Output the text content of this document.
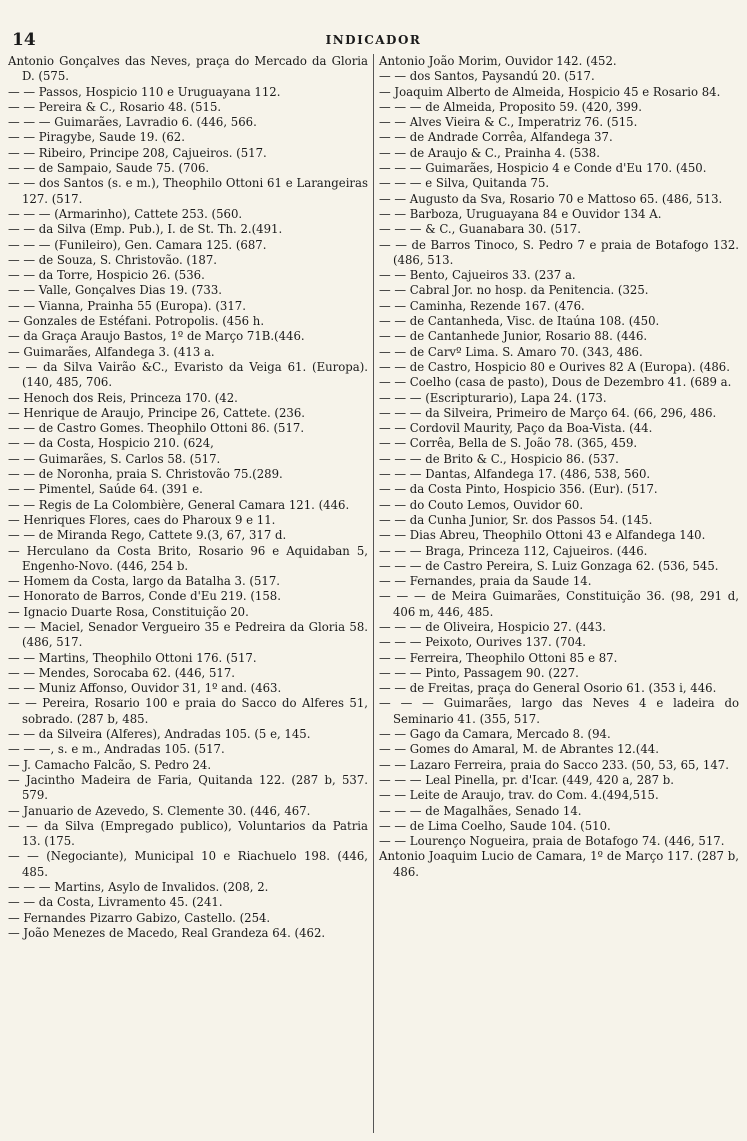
14	INDICADOR

Antonio Gonçalves das Neves, praça do Mercado da Gloria D. (575.

— — Passos, Hospicio 110 e Uruguayana 112.

— — Pereira & C., Rosario 48. (515.

— — — Guimarães, Lavradio 6. (446, 566.

— — Piragybe, Saude 19. (62.

— — Ribeiro, Principe 208, Cajueiros. (517.

— — de Sampaio, Saude 75. (706.

— — dos Santos (s. e m.), Theophilo Ottoni 61 e Larangeiras 127. (517.

— — — (Armarinho), Cattete 253. (560.

— — da Silva (Emp. Pub.), I. de St. Th. 2.(491.

— — — (Funileiro), Gen. Camara 125. (687.

— — de Souza, S. Christovão. (187.

— — da Torre, Hospicio 26. (536.

— — Valle, Gonçalves Dias 19. (733.

— — Vianna, Prainha 55 (Europa). (317.

— Gonzales de Estéfani. Potropolis. (456 h.

— da Graça Araujo Bastos, 1º de Março 71B.(446.

— Guimarães, Alfandega 3. (413 a.

— — da Silva Vairão &C., Evaristo da Veiga 61. (Europa). (140, 485, 706.

— Henoch dos Reis, Princeza 170. (42.

— Henrique de Araujo, Principe 26, Cattete. (236.

— — de Castro Gomes. Theophilo Ottoni 86. (517.

— — da Costa, Hospicio 210. (624,

— — Guimarães, S. Carlos 58. (517.

— — de Noronha, praia S. Christovão 75.(289.

— — Pimentel, Saúde 64. (391 e.

— — Regis de La Colombière, General Camara 121. (446.

— Henriques Flores, caes do Pharoux 9 e 11.

— — de Miranda Rego, Cattete 9.(3, 67, 317 d.

— Herculano da Costa Brito, Rosario 96 e Aquidaban 5, Engenho-Novo. (446, 254 b.

— Homem da Costa, largo da Batalha 3. (517.

— Honorato de Barros, Conde d'Eu 219. (158.

— Ignacio Duarte Rosa, Constituição 20.

— — Maciel, Senador Vergueiro 35 e Pedreira da Gloria 58. (486, 517.

— — Martins, Theophilo Ottoni 176. (517.

— — Mendes, Sorocaba 62. (446, 517.

— — Muniz Affonso, Ouvidor 31, 1º and. (463.

— — Pereira, Rosario 100 e praia do Sacco do Alferes 51, sobrado. (287 b, 485.

— — da Silveira (Alferes), Andradas 105. (5 e, 145.

— — —, s. e m., Andradas 105. (517.

— J. Camacho Falcão, S. Pedro 24.

— Jacintho Madeira de Faria, Quitanda 122. (287 b, 537. 579.

— Januario de Azevedo, S. Clemente 30. (446, 467.

— — da Silva (Empregado publico), Voluntarios da Patria 13. (175.

— — (Negociante), Municipal 10 e Riachuelo 198. (446, 485.

— — — Martins, Asylo de Invalidos. (208, 2.

— — da Costa, Livramento 45. (241.

— Fernandes Pizarro Gabizo, Castello. (254.

— João Menezes de Macedo, Real Grandeza 64. (462.

Antonio João Morim, Ouvidor 142. (452.

— — dos Santos, Paysandú 20. (517.

— Joaquim Alberto de Almeida, Hospicio 45 e Rosario 84.

— — — de Almeida, Proposito 59. (420, 399.

— — Alves Vieira & C., Imperatriz 76. (515.

— — de Andrade Corrêa, Alfandega 37.

— — de Araujo & C., Prainha 4. (538.

— — — Guimarães, Hospicio 4 e Conde d'Eu 170. (450.

— — — e Silva, Quitanda 75.

— — Augusto da Sva, Rosario 70 e Mattoso 65. (486, 513.

— — Barboza, Uruguayana 84 e Ouvidor 134 A.

— — — & C., Guanabara 30. (517.

— — de Barros Tinoco, S. Pedro 7 e praia de Botafogo 132. (486, 513.

— — Bento, Cajueiros 33. (237 a.

— — Cabral Jor. no hosp. da Penitencia. (325.

— — Caminha, Rezende 167. (476.

— — de Cantanheda, Visc. de Itaúna 108. (450.

— — de Cantanhede Junior, Rosario 88. (446.

— — de Carvº Lima. S. Amaro 70. (343, 486.

— — de Castro, Hospicio 80 e Ourives 82 A (Europa). (486.

— — Coelho (casa de pasto), Dous de Dezembro 41. (689 a.

— — — (Escripturario), Lapa 24. (173.

— — — da Silveira, Primeiro de Março 64. (66, 296, 486.

— — Cordovil Maurity, Paço da Boa-Vista. (44.

— — Corrêa, Bella de S. João 78. (365, 459.

— — — de Brito & C., Hospicio 86. (537.

— — — Dantas, Alfandega 17. (486, 538, 560.

— — da Costa Pinto, Hospicio 356. (Eur). (517.

— — do Couto Lemos, Ouvidor 60.

— — da Cunha Junior, Sr. dos Passos 54. (145.

— — Dias Abreu, Theophilo Ottoni 43 e Alfandega 140.

— — — Braga, Princeza 112, Cajueiros. (446.

— — — de Castro Pereira, S. Luiz Gonzaga 62. (536, 545.

— — Fernandes, praia da Saude 14.

— — — de Meira Guimarães, Constituição 36. (98, 291 d, 406 m, 446, 485.

— — — de Oliveira, Hospicio 27. (443.

— — — Peixoto, Ourives 137. (704.

— — Ferreira, Theophilo Ottoni 85 e 87.

— — — Pinto, Passagem 90. (227.

— — de Freitas, praça do General Osorio 61. (353 i, 446.

— — — Guimarães, largo das Neves 4 e ladeira do Seminario 41. (355, 517.

— — Gago da Camara, Mercado 8. (94.

— — Gomes do Amaral, M. de Abrantes 12.(44.

— — Lazaro Ferreira, praia do Sacco 233. (50, 53, 65, 147.

— — — Leal Pinella, pr. d'Icar. (449, 420 a, 287 b.

— — Leite de Araujo, trav. do Com. 4.(494,515.

— — — de Magalhães, Senado 14.

— — de Lima Coelho, Saude 104. (510.

— — Lourenço Nogueira, praia de Botafogo 74. (446, 517.

Antonio Joaquim Lucio de Camara, 1º de Março 117. (287 b, 486.
